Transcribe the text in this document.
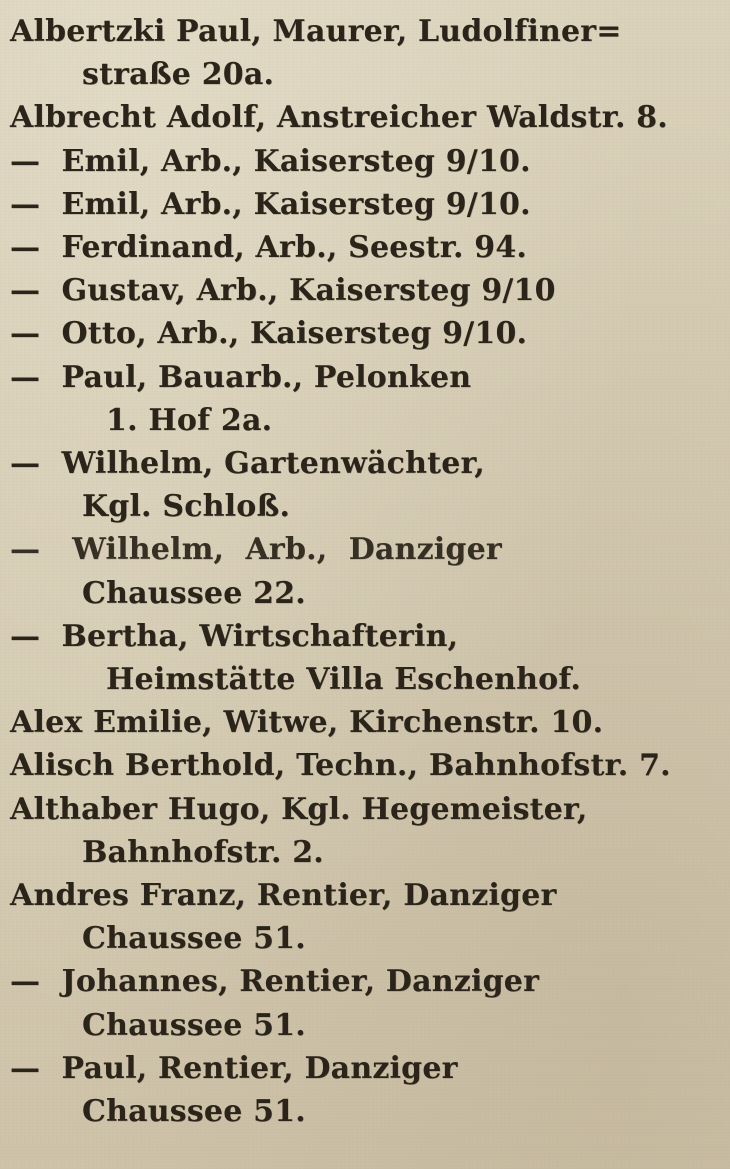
Albertzki Paul, Maurer, Ludolfiner=
straße 20a.
Albrecht Adolf, Anstreicher Waldstr. 8.
—  Emil, Arb., Kaisersteg 9/10.
—  Emil, Arb., Kaisersteg 9/10.
—  Ferdinand, Arb., Seestr. 94.
—  Gustav, Arb., Kaisersteg 9/10
—  Otto, Arb., Kaisersteg 9/10.
—  Paul, Bauarb., Pelonken
1. Hof 2a.
—  Wilhelm, Gartenwächter,
Kgl. Schloß.
—   Wilhelm,  Arb.,  Danziger
Chaussee 22.
—  Bertha, Wirtschafterin,
Heimstätte Villa Eschenhof.
Alex Emilie, Witwe, Kirchenstr. 10.
Alisch Berthold, Techn., Bahnhofstr. 7.
Althaber Hugo, Kgl. Hegemeister,
Bahnhofstr. 2.
Andres Franz, Rentier, Danziger
Chaussee 51.
—  Johannes, Rentier, Danziger
Chaussee 51.
—  Paul, Rentier, Danziger
Chaussee 51.
